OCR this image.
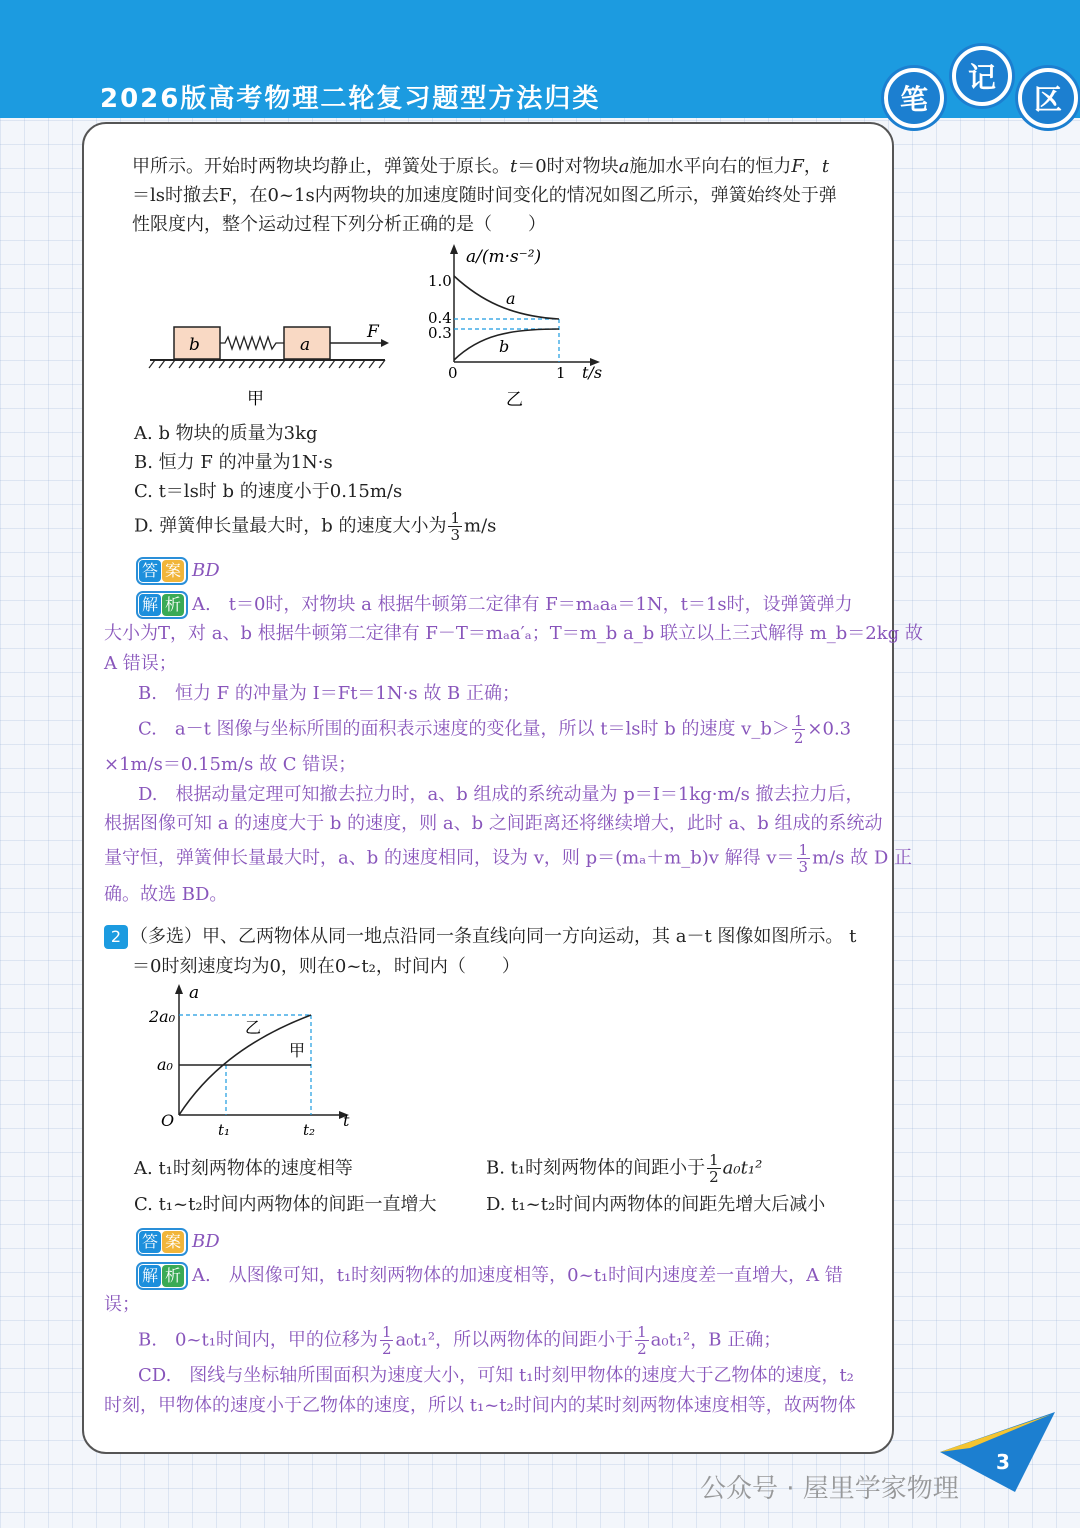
2026版高考物理二轮复习题型方法归类	笔
记
区
甲所示。开始时两物块均静止，弹簧处于原长。t＝0时对物块a施加水平向右的恒力F，t
＝ls时撤去F，在0~1s内两物块的加速度随时间变化的情况如图乙所示，弹簧始终处于弹
性限度内，整个运动过程下列分析正确的是（　　）
b	a
F
甲
a/(m·s⁻²)
1.0
0.4
0.3
0	1 t/s
a
b
乙
A. b 物块的质量为3kg
B. 恒力 F 的冲量为1N·s
C. t＝ls时 b 的速度小于0.15m/s
D. 弹簧伸长量最大时，b 的速度大小为 $\frac{1}{3} m/s$
答 案 BD
解 析 A.　t＝0时，对物块 a 根据牛顿第二定律有 F＝mₐaₐ＝1N，t＝1s时，设弹簧弹力
大小为T，对 a、b 根据牛顿第二定律有 F－T＝mₐa′ₐ；T＝m_b a_b 联立以上三式解得 m_b＝2kg 故
A 错误；
B.　恒力 F 的冲量为 I＝Ft＝1N·s 故 B 正确；
C.　a－t 图像与坐标所围的面积表示速度的变化量，所以 t＝ls时 b 的速度 v_b＞ $\frac{1}{2} \times 0.3$
×1m/s＝0.15m/s 故 C 错误；
D.　根据动量定理可知撤去拉力时，a、b 组成的系统动量为 p＝I＝1kg·m/s 撤去拉力后，
根据图像可知 a 的速度大于 b 的速度，则 a、b 之间距离还将继续增大，此时 a、b 组成的系统动
量守恒，弹簧伸长量最大时，a、b 的速度相同，设为 v，则 p＝(mₐ＋m_b)v 解得 $v= \frac{1}{3} m/s$ 故 D 正
确。故选 BD。
2 （多选）甲、乙两物体从同一地点沿同一条直线向同一方向运动，其 a－t 图像如图所示。 t
＝0时刻速度均为0，则在0~t₂，时间内（　　）
a
2a₀
a₀
O	t₁	t₂ t
乙
甲
A. t₁时刻两物体的速度相等	B. t₁时刻两物体的间距小于 $\frac{1}{2} a_0t_1^2$
C. t₁~t₂时间内两物体的间距一直增大	D. t₁~t₂时间内两物体的间距先增大后减小
答 案 BD
解 析 A.　从图像可知，t₁时刻两物体的加速度相等，0~t₁时间内速度差一直增大，A 错
误；
B.　0~t₁时间内，甲的位移为 $\frac{1}{2} a_0t_1^2$，所以两物体的间距小于 $\frac{1}{2} a_0t_1^2$，B 正确；
CD.　图线与坐标轴所围面积为速度大小，可知 t₁时刻甲物体的速度大于乙物体的速度，t₂
时刻，甲物体的速度小于乙物体的速度，所以 t₁~t₂时间内的某时刻两物体速度相等，故两物体
3
公众号 · 屋里学家物理
